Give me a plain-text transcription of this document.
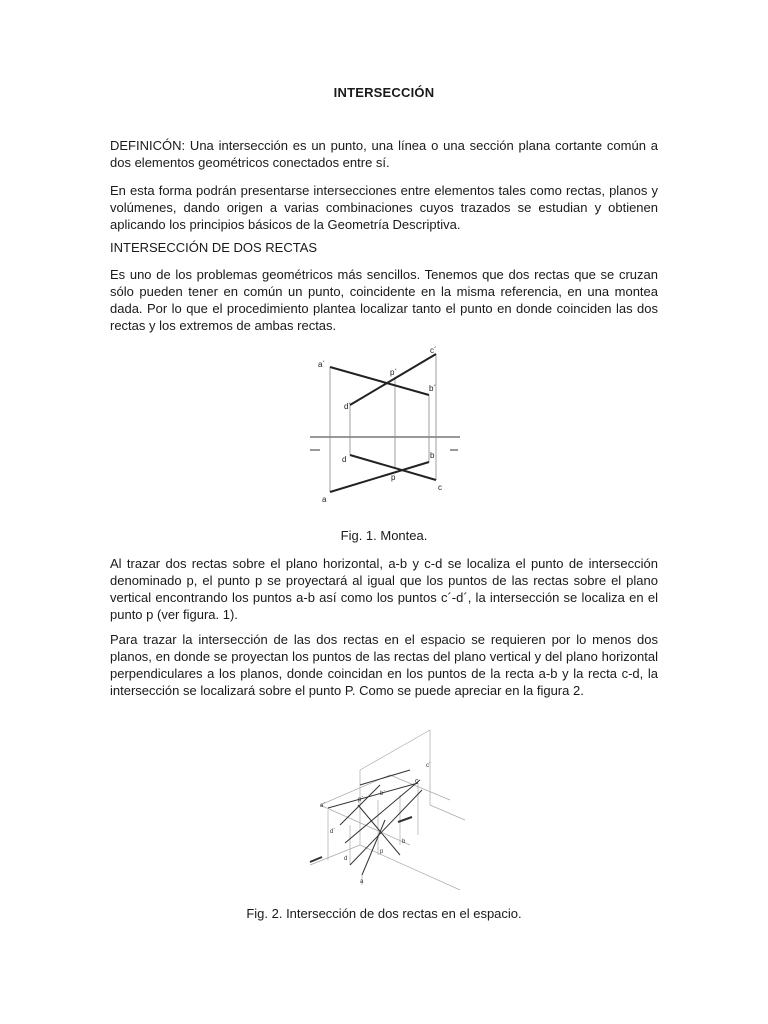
INTERSECCIÓN

DEFINICÓN: Una intersección es un punto, una línea o una sección plana cortante común a dos elementos geométricos conectados entre sí.

En esta forma podrán presentarse intersecciones entre elementos tales como rectas, planos y volúmenes, dando origen a varias combinaciones cuyos trazados se estudian y obtienen aplicando los principios básicos de la Geometría Descriptiva.

INTERSECCIÓN DE DOS RECTAS

Es uno de los problemas geométricos más sencillos. Tenemos que dos rectas que se cruzan sólo pueden tener en común un punto, coincidente en la misma referencia, en una montea dada. Por lo que el procedimiento plantea localizar tanto el punto en donde coinciden las dos rectas y los extremos de ambas rectas.

a´
c´
p´
b´
d´
d	b
p
a
c
Fig. 1. Montea.

Al trazar dos rectas sobre el plano horizontal, a-b y c-d se localiza el punto de intersección denominado p, el punto p se proyectará al igual que los puntos de las rectas sobre el plano vertical encontrando los puntos a-b así como los puntos c´-d´, la intersección se localiza en el punto p (ver figura. 1).

Para trazar la intersección de las dos rectas en el espacio se requieren por lo menos dos planos, en donde se proyectan los puntos de las rectas del plano vertical y del plano horizontal perpendiculares a los planos, donde coincidan en los puntos de la recta a-b y la recta c-d, la intersección se localizará sobre el punto P. Como se puede apreciar en la figura 2.

c´
c
b´
p´
a´
d´
b
p
d
a
Fig. 2. Intersección de dos rectas en el espacio.
